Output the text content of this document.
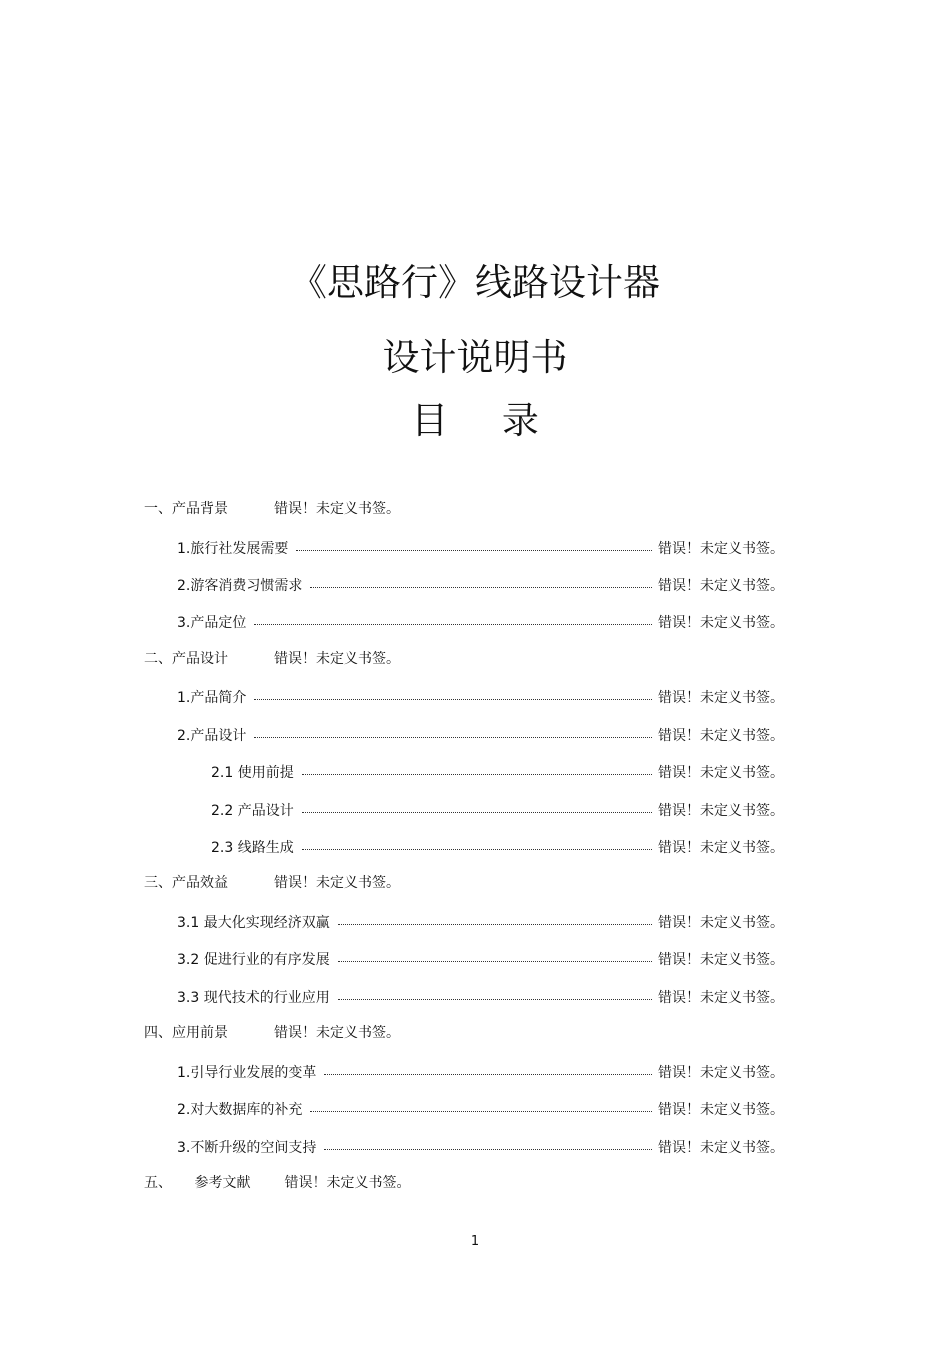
《思路行》线路设计器
设计说明书
目 录
一、产品背景	错误！未定义书签。
1.旅行社发展需要	错误！未定义书签。
2.游客消费习惯需求	错误！未定义书签。
3.产品定位	错误！未定义书签。
二、产品设计	错误！未定义书签。
1.产品简介	错误！未定义书签。
2.产品设计	错误！未定义书签。
2.1 使用前提	错误！未定义书签。
2.2 产品设计	错误！未定义书签。
2.3 线路生成	错误！未定义书签。
三、产品效益	错误！未定义书签。
3.1 最大化实现经济双赢	错误！未定义书签。
3.2 促进行业的有序发展	错误！未定义书签。
3.3 现代技术的行业应用	错误！未定义书签。
四、应用前景	错误！未定义书签。
1.引导行业发展的变革	错误！未定义书签。
2.对大数据库的补充	错误！未定义书签。
3.不断升级的空间支持	错误！未定义书签。
五、 参考文献 错误！未定义书签。
1
